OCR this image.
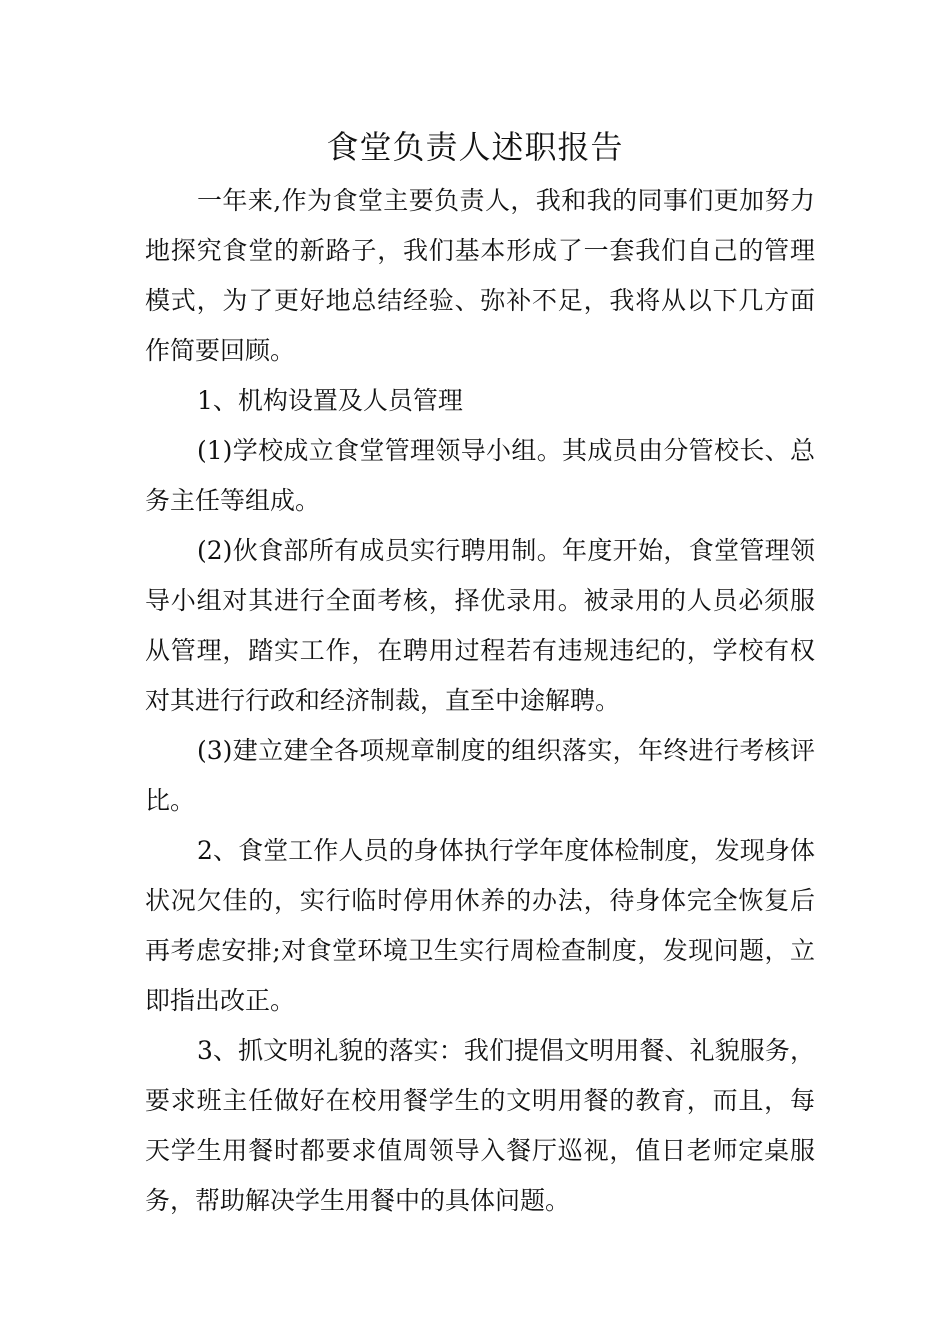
食堂负责人述职报告

一年来,作为食堂主要负责人，我和我的同事们更加努力地探究食堂的新路子，我们基本形成了一套我们自己的管理模式，为了更好地总结经验、弥补不足，我将从以下几方面作简要回顾。

1、机构设置及人员管理

(1)学校成立食堂管理领导小组。其成员由分管校长、总务主任等组成。

(2)伙食部所有成员实行聘用制。年度开始，食堂管理领导小组对其进行全面考核，择优录用。被录用的人员必须服从管理，踏实工作，在聘用过程若有违规违纪的，学校有权对其进行行政和经济制裁，直至中途解聘。

(3)建立建全各项规章制度的组织落实，年终进行考核评比。

2、食堂工作人员的身体执行学年度体检制度，发现身体状况欠佳的，实行临时停用休养的办法，待身体完全恢复后再考虑安排;对食堂环境卫生实行周检查制度，发现问题，立即指出改正。

3、抓文明礼貌的落实：我们提倡文明用餐、礼貌服务，要求班主任做好在校用餐学生的文明用餐的教育，而且，每天学生用餐时都要求值周领导入餐厅巡视，值日老师定桌服务，帮助解决学生用餐中的具体问题。
